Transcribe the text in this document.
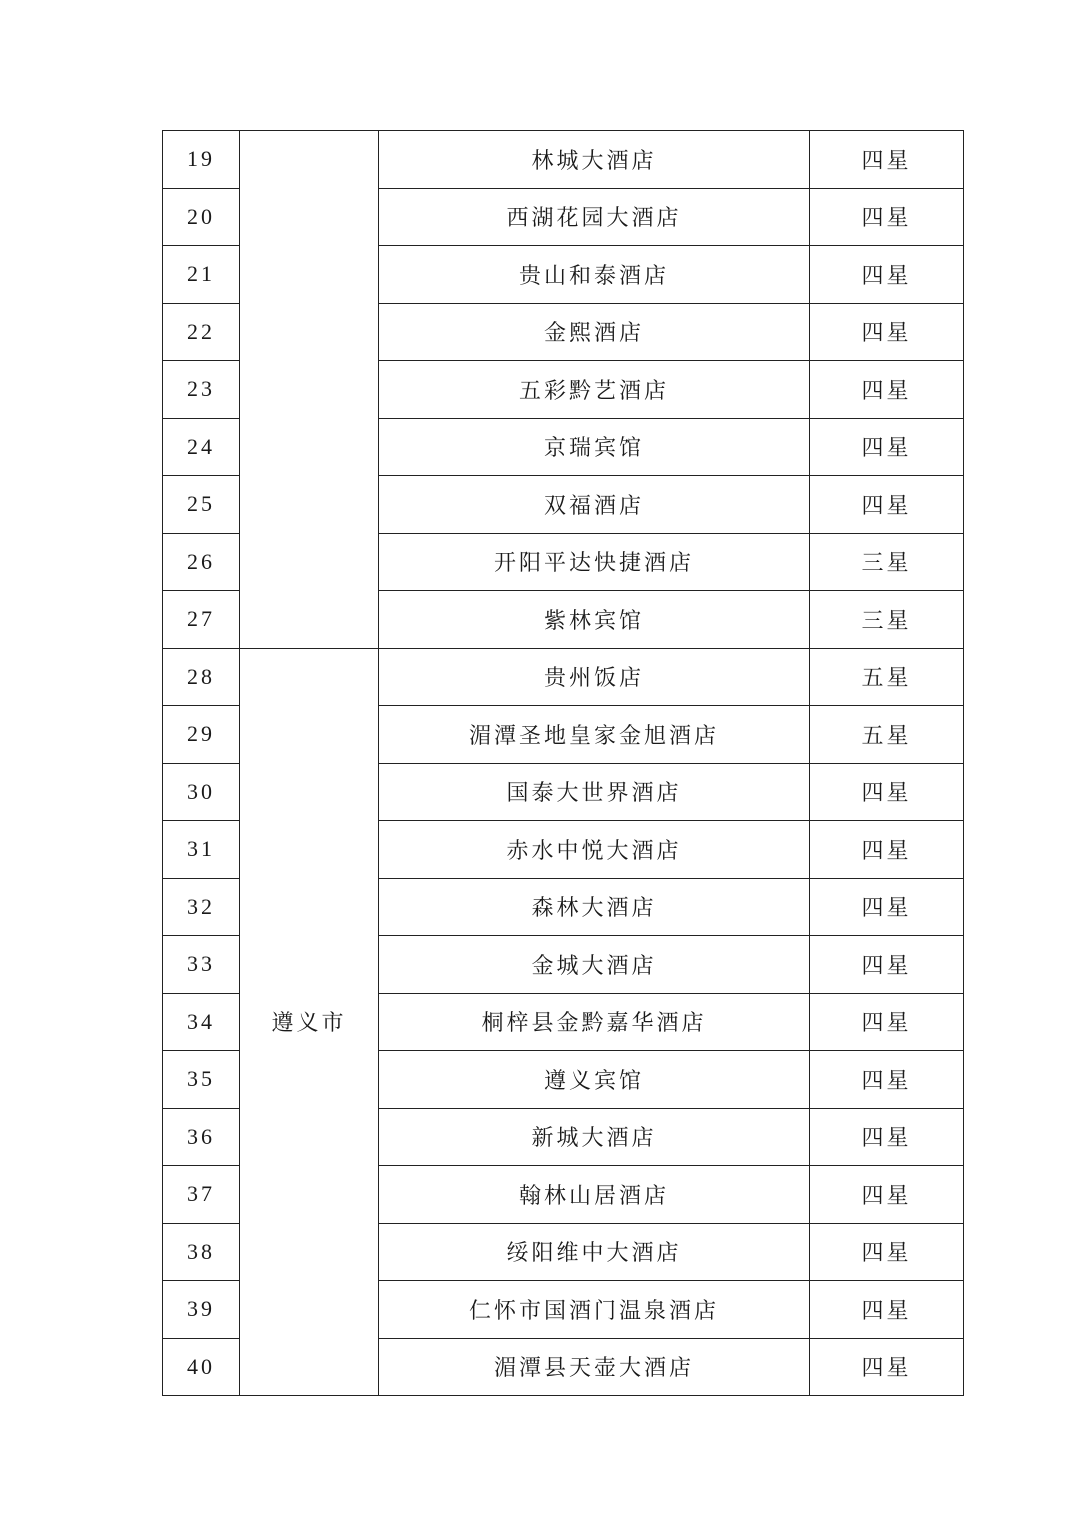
19		林城大酒店	四星
20		西湖花园大酒店	四星
21		贵山和泰酒店	四星
22		金熙酒店	四星
23		五彩黔艺酒店	四星
24		京瑞宾馆	四星
25		双福酒店	四星
26		开阳平达快捷酒店	三星
27		紫林宾馆	三星
28	遵义市	贵州饭店	五星
29		湄潭圣地皇家金旭酒店	五星
30		国泰大世界酒店	四星
31		赤水中悦大酒店	四星
32		森林大酒店	四星
33		金城大酒店	四星
34		桐梓县金黔嘉华酒店	四星
35		遵义宾馆	四星
36		新城大酒店	四星
37		翰林山居酒店	四星
38		绥阳维中大酒店	四星
39		仁怀市国酒门温泉酒店	四星
40		湄潭县天壶大酒店	四星
